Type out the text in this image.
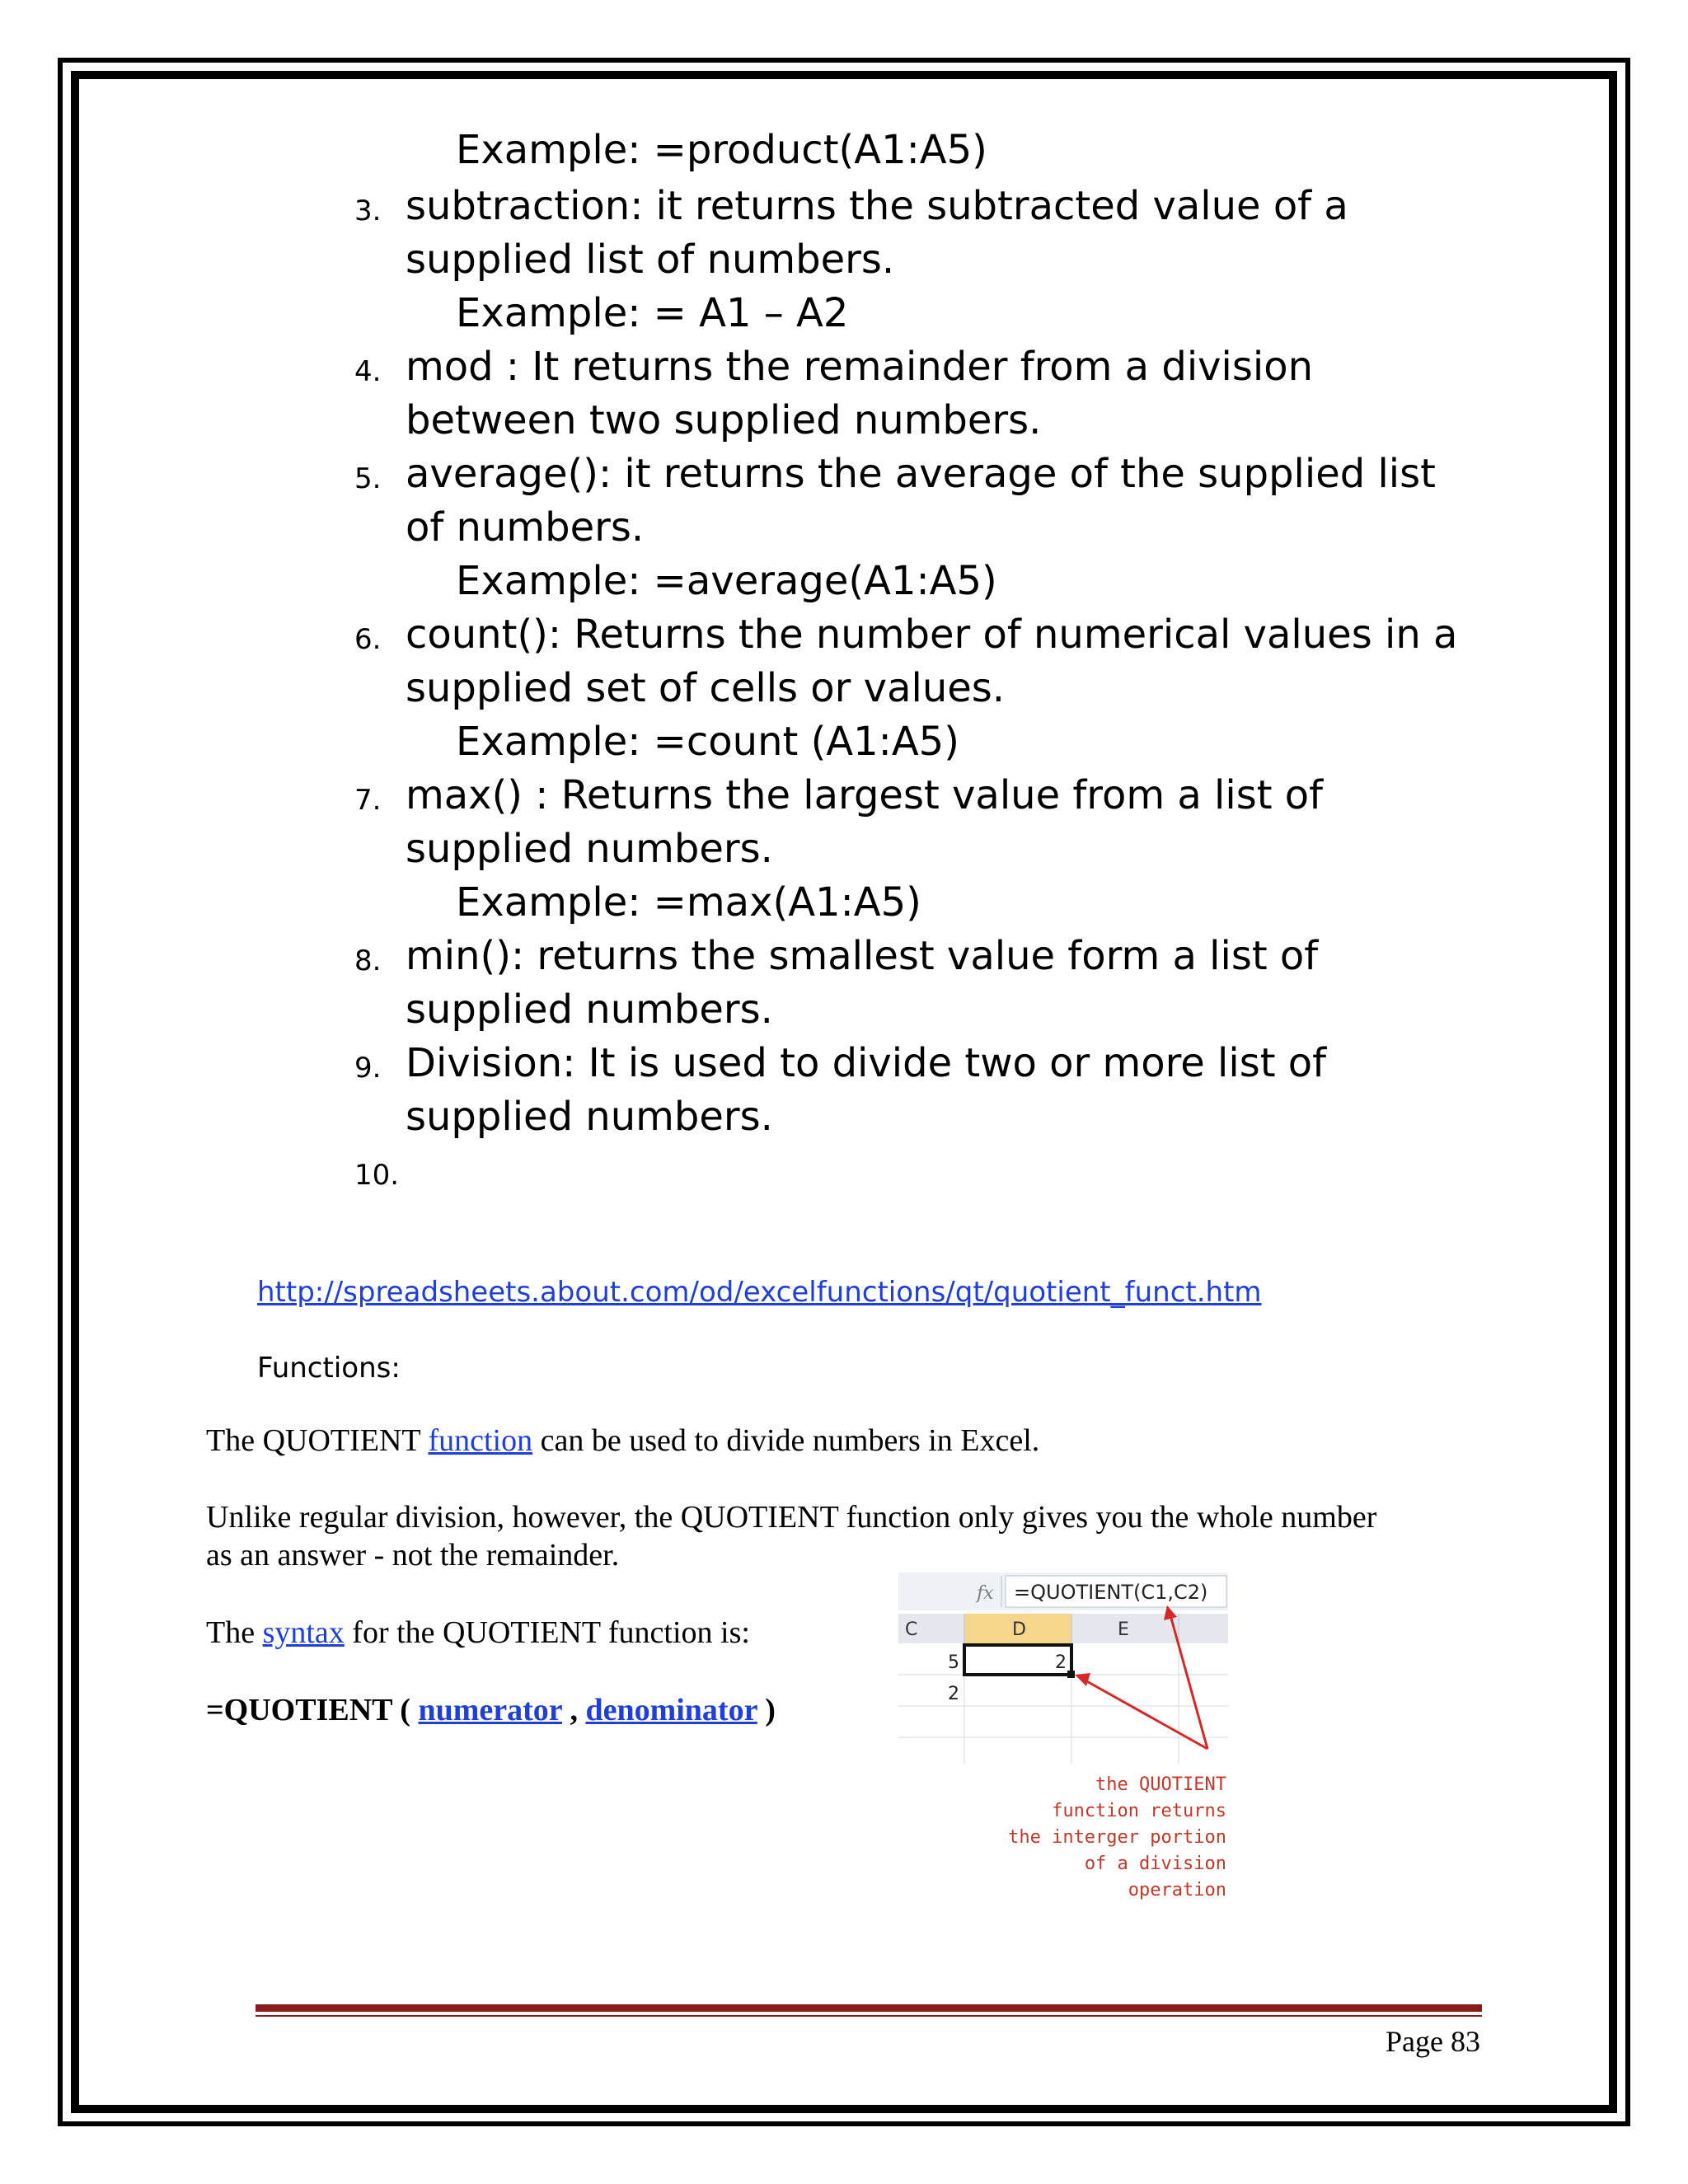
Example: =product(A1:A5)
3. subtraction: it returns the subtracted value of a supplied list of numbers.
Example: = A1 – A2
4. mod : It returns the remainder from a division between two supplied numbers.
5. average(): it returns the average of the supplied list of numbers.
Example: =average(A1:A5)
6. count(): Returns the number of numerical values in a supplied set of cells or values.
Example: =count (A1:A5)
7. max() : Returns the largest value from a list of supplied numbers.
Example: =max(A1:A5)
8. min(): returns the smallest value form a list of supplied numbers.
9. Division: It is used to divide two or more list of supplied numbers.
10.
http://spreadsheets.about.com/od/excelfunctions/qt/quotient_funct.htm
Functions:
The QUOTIENT function can be used to divide numbers in Excel.
Unlike regular division, however, the QUOTIENT function only gives you the whole number
as an answer - not the remainder.
The syntax for the QUOTIENT function is:
=QUOTIENT ( numerator , denominator )
fx =QUOTIENT(C1,C2)
C	D	E
5
2
2
the QUOTIENT
function returns
the interger portion
of a division
operation
Page 83
